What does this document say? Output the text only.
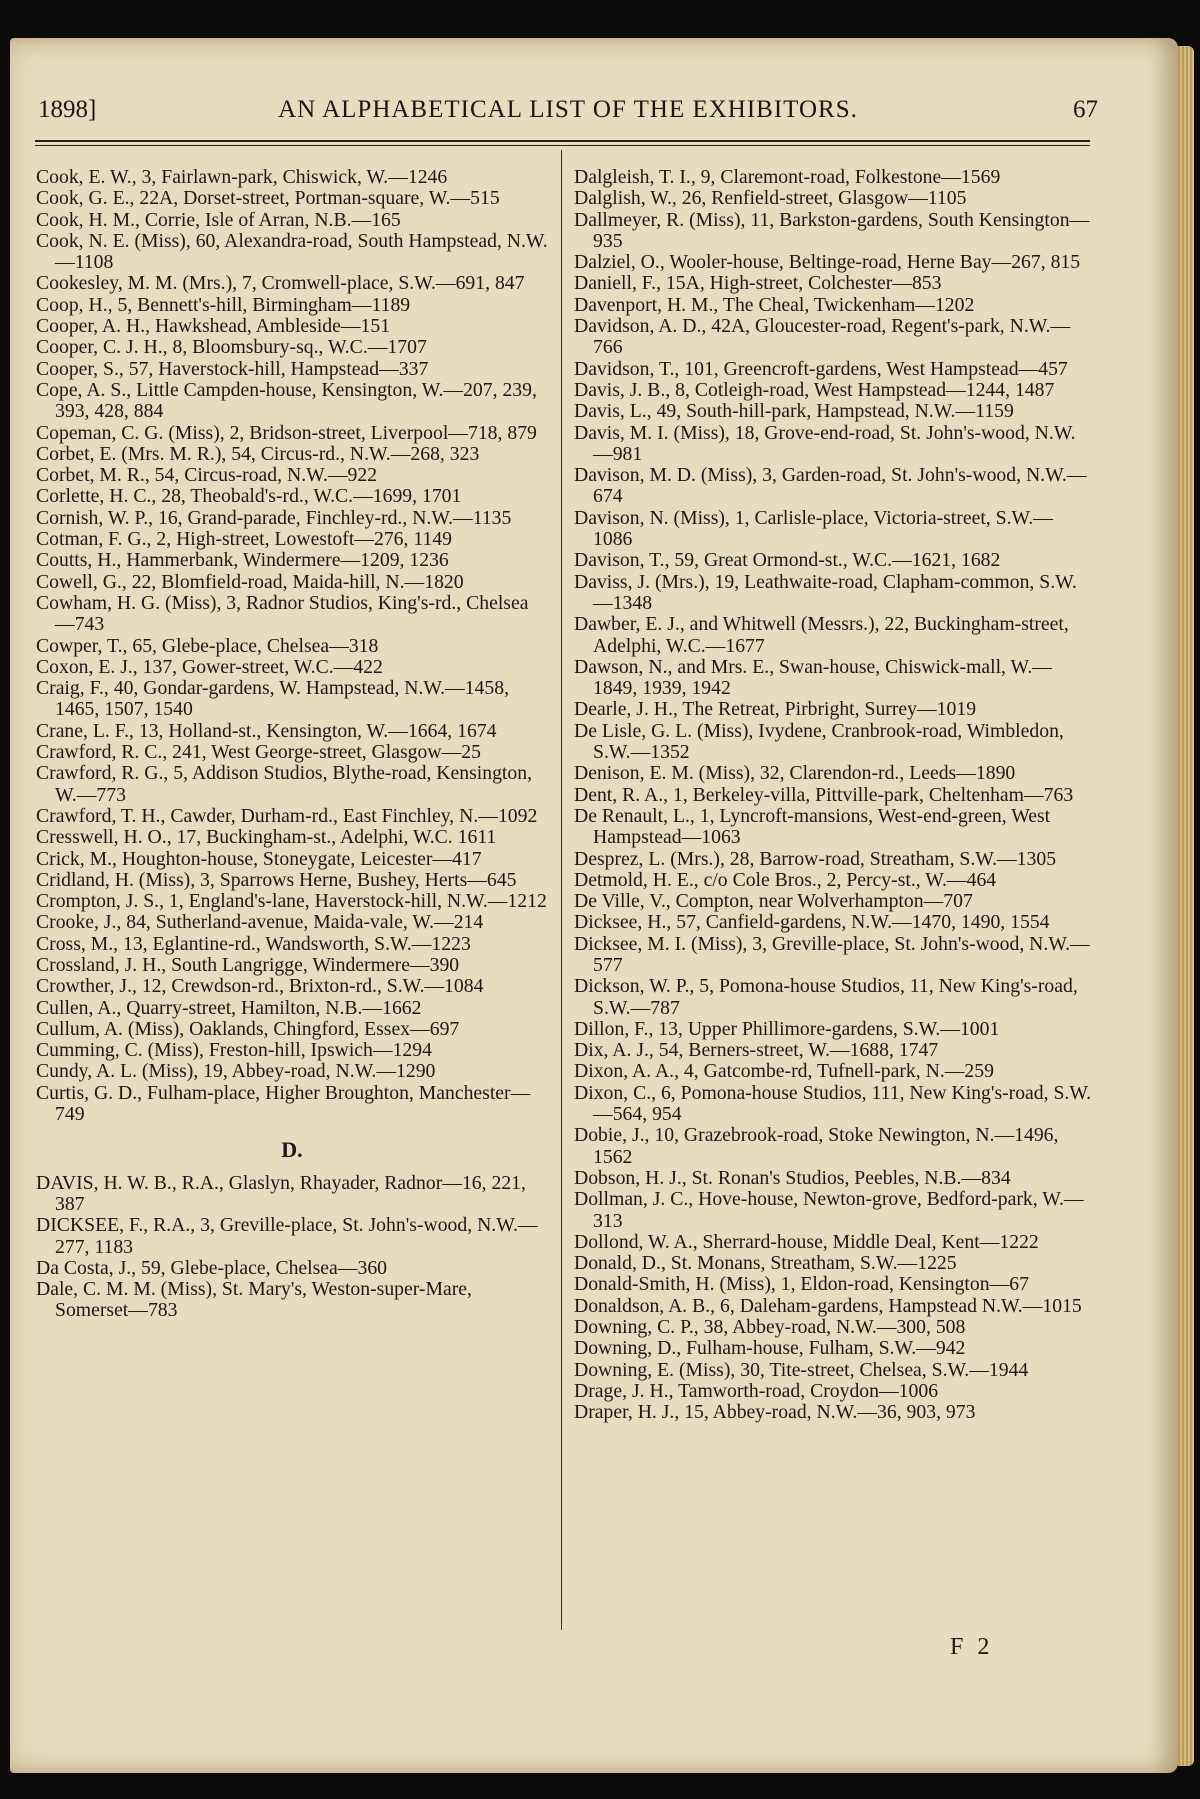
1898]	AN ALPHABETICAL LIST OF THE EXHIBITORS.	67

Cook, E. W., 3, Fairlawn-park, Chiswick, W.—1246

Cook, G. E., 22A, Dorset-street, Portman-square, W.—515

Cook, H. M., Corrie, Isle of Arran, N.B.—165

Cook, N. E. (Miss), 60, Alexandra-road, South Hampstead, N.W.—1108

Cookesley, M. M. (Mrs.), 7, Cromwell-place, S.W.—691, 847

Coop, H., 5, Bennett's-hill, Birmingham—1189

Cooper, A. H., Hawkshead, Ambleside—151

Cooper, C. J. H., 8, Bloomsbury-sq., W.C.—1707

Cooper, S., 57, Haverstock-hill, Hampstead—337

Cope, A. S., Little Campden-house, Kensington, W.—207, 239, 393, 428, 884

Copeman, C. G. (Miss), 2, Bridson-street, Liverpool—718, 879

Corbet, E. (Mrs. M. R.), 54, Circus-rd., N.W.—268, 323

Corbet, M. R., 54, Circus-road, N.W.—922

Corlette, H. C., 28, Theobald's-rd., W.C.—1699, 1701

Cornish, W. P., 16, Grand-parade, Finchley-rd., N.W.—1135

Cotman, F. G., 2, High-street, Lowestoft—276, 1149

Coutts, H., Hammerbank, Windermere—1209, 1236

Cowell, G., 22, Blomfield-road, Maida-hill, N.—1820

Cowham, H. G. (Miss), 3, Radnor Studios, King's-rd., Chelsea—743

Cowper, T., 65, Glebe-place, Chelsea—318

Coxon, E. J., 137, Gower-street, W.C.—422

Craig, F., 40, Gondar-gardens, W. Hampstead, N.W.—1458, 1465, 1507, 1540

Crane, L. F., 13, Holland-st., Kensington, W.—1664, 1674

Crawford, R. C., 241, West George-street, Glasgow—25

Crawford, R. G., 5, Addison Studios, Blythe-road, Kensington, W.—773

Crawford, T. H., Cawder, Durham-rd., East Finchley, N.—1092

Cresswell, H. O., 17, Buckingham-st., Adelphi, W.C. 1611

Crick, M., Houghton-house, Stoneygate, Leicester—417

Cridland, H. (Miss), 3, Sparrows Herne, Bushey, Herts—645

Crompton, J. S., 1, England's-lane, Haverstock-hill, N.W.—1212

Crooke, J., 84, Sutherland-avenue, Maida-vale, W.—214

Cross, M., 13, Eglantine-rd., Wandsworth, S.W.—1223

Crossland, J. H., South Langrigge, Windermere—390

Crowther, J., 12, Crewdson-rd., Brixton-rd., S.W.—1084

Cullen, A., Quarry-street, Hamilton, N.B.—1662

Cullum, A. (Miss), Oaklands, Chingford, Essex—697

Cumming, C. (Miss), Freston-hill, Ipswich—1294

Cundy, A. L. (Miss), 19, Abbey-road, N.W.—1290

Curtis, G. D., Fulham-place, Higher Broughton, Manchester—749

D.

DAVIS, H. W. B., R.A., Glaslyn, Rhayader, Radnor—16, 221, 387

DICKSEE, F., R.A., 3, Greville-place, St. John's-wood, N.W.—277, 1183

Da Costa, J., 59, Glebe-place, Chelsea—360

Dale, C. M. M. (Miss), St. Mary's, Weston-super-Mare, Somerset—783

Dalgleish, T. I., 9, Claremont-road, Folkestone—1569

Dalglish, W., 26, Renfield-street, Glasgow—1105

Dallmeyer, R. (Miss), 11, Barkston-gardens, South Kensington—935

Dalziel, O., Wooler-house, Beltinge-road, Herne Bay—267, 815

Daniell, F., 15A, High-street, Colchester—853

Davenport, H. M., The Cheal, Twickenham—1202

Davidson, A. D., 42A, Gloucester-road, Regent's-park, N.W.—766

Davidson, T., 101, Greencroft-gardens, West Hampstead—457

Davis, J. B., 8, Cotleigh-road, West Hampstead—1244, 1487

Davis, L., 49, South-hill-park, Hampstead, N.W.—1159

Davis, M. I. (Miss), 18, Grove-end-road, St. John's-wood, N.W.—981

Davison, M. D. (Miss), 3, Garden-road, St. John's-wood, N.W.—674

Davison, N. (Miss), 1, Carlisle-place, Victoria-street, S.W.—1086

Davison, T., 59, Great Ormond-st., W.C.—1621, 1682

Daviss, J. (Mrs.), 19, Leathwaite-road, Clapham-common, S.W.—1348

Dawber, E. J., and Whitwell (Messrs.), 22, Buckingham-street, Adelphi, W.C.—1677

Dawson, N., and Mrs. E., Swan-house, Chiswick-mall, W.—1849, 1939, 1942

Dearle, J. H., The Retreat, Pirbright, Surrey—1019

De Lisle, G. L. (Miss), Ivydene, Cranbrook-road, Wimbledon, S.W.—1352

Denison, E. M. (Miss), 32, Clarendon-rd., Leeds—1890

Dent, R. A., 1, Berkeley-villa, Pittville-park, Cheltenham—763

De Renault, L., 1, Lyncroft-mansions, West-end-green, West Hampstead—1063

Desprez, L. (Mrs.), 28, Barrow-road, Streatham, S.W.—1305

Detmold, H. E., c/o Cole Bros., 2, Percy-st., W.—464

De Ville, V., Compton, near Wolverhampton—707

Dicksee, H., 57, Canfield-gardens, N.W.—1470, 1490, 1554

Dicksee, M. I. (Miss), 3, Greville-place, St. John's-wood, N.W.—577

Dickson, W. P., 5, Pomona-house Studios, 11, New King's-road, S.W.—787

Dillon, F., 13, Upper Phillimore-gardens, S.W.—1001

Dix, A. J., 54, Berners-street, W.—1688, 1747

Dixon, A. A., 4, Gatcombe-rd, Tufnell-park, N.—259

Dixon, C., 6, Pomona-house Studios, 111, New King's-road, S.W.—564, 954

Dobie, J., 10, Grazebrook-road, Stoke Newington, N.—1496, 1562

Dobson, H. J., St. Ronan's Studios, Peebles, N.B.—834

Dollman, J. C., Hove-house, Newton-grove, Bedford-park, W.—313

Dollond, W. A., Sherrard-house, Middle Deal, Kent—1222

Donald, D., St. Monans, Streatham, S.W.—1225

Donald-Smith, H. (Miss), 1, Eldon-road, Kensington—67

Donaldson, A. B., 6, Daleham-gardens, Hampstead N.W.—1015

Downing, C. P., 38, Abbey-road, N.W.—300, 508

Downing, D., Fulham-house, Fulham, S.W.—942

Downing, E. (Miss), 30, Tite-street, Chelsea, S.W.—1944

Drage, J. H., Tamworth-road, Croydon—1006

Draper, H. J., 15, Abbey-road, N.W.—36, 903, 973

F 2
